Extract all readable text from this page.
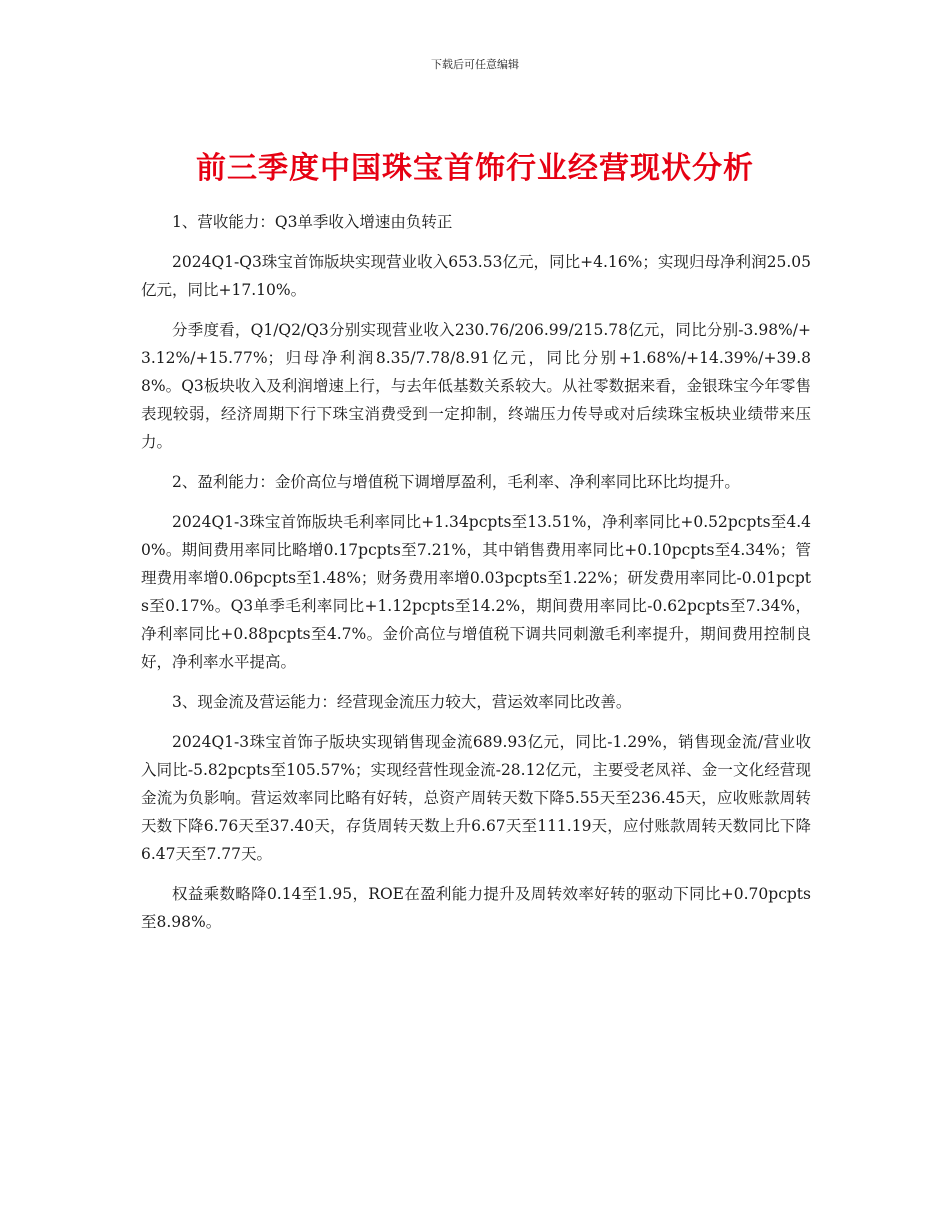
下载后可任意编辑
前三季度中国珠宝首饰行业经营现状分析

1、营收能力：Q3单季收入增速由负转正

2024Q1-Q3珠宝首饰版块实现营业收入653.53亿元，同比+4.16%；实现归母净利润25.05亿元，同比+17.10%。

分季度看，Q1/Q2/Q3分别实现营业收入230.76/206.99/215.78亿元，同比分别-3.98%/+3.12%/+15.77%；归母净利润8.35/7.78/8.91亿元，同比分别+1.68%/+14.39%/+39.88%。Q3板块收入及利润增速上行，与去年低基数关系较大。从社零数据来看，金银珠宝今年零售表现较弱，经济周期下行下珠宝消费受到一定抑制，终端压力传导或对后续珠宝板块业绩带来压力。

2、盈利能力：金价高位与增值税下调增厚盈利，毛利率、净利率同比环比均提升。

2024Q1-3珠宝首饰版块毛利率同比+1.34pcpts至13.51%，净利率同比+0.52pcpts至4.40%。期间费用率同比略增0.17pcpts至7.21%，其中销售费用率同比+0.10pcpts至4.34%；管理费用率增0.06pcpts至1.48%；财务费用率增0.03pcpts至1.22%；研发费用率同比-0.01pcpts至0.17%。Q3单季毛利率同比+1.12pcpts至14.2%，期间费用率同比-0.62pcpts至7.34%，净利率同比+0.88pcpts至4.7%。金价高位与增值税下调共同刺激毛利率提升，期间费用控制良好，净利率水平提高。

3、现金流及营运能力：经营现金流压力较大，营运效率同比改善。

2024Q1-3珠宝首饰子版块实现销售现金流689.93亿元，同比-1.29%，销售现金流/营业收入同比-5.82pcpts至105.57%；实现经营性现金流-28.12亿元，主要受老凤祥、金一文化经营现金流为负影响。营运效率同比略有好转，总资产周转天数下降5.55天至236.45天，应收账款周转天数下降6.76天至37.40天，存货周转天数上升6.67天至111.19天，应付账款周转天数同比下降6.47天至7.77天。

权益乘数略降0.14至1.95，ROE在盈利能力提升及周转效率好转的驱动下同比+0.70pcpts至8.98%。
